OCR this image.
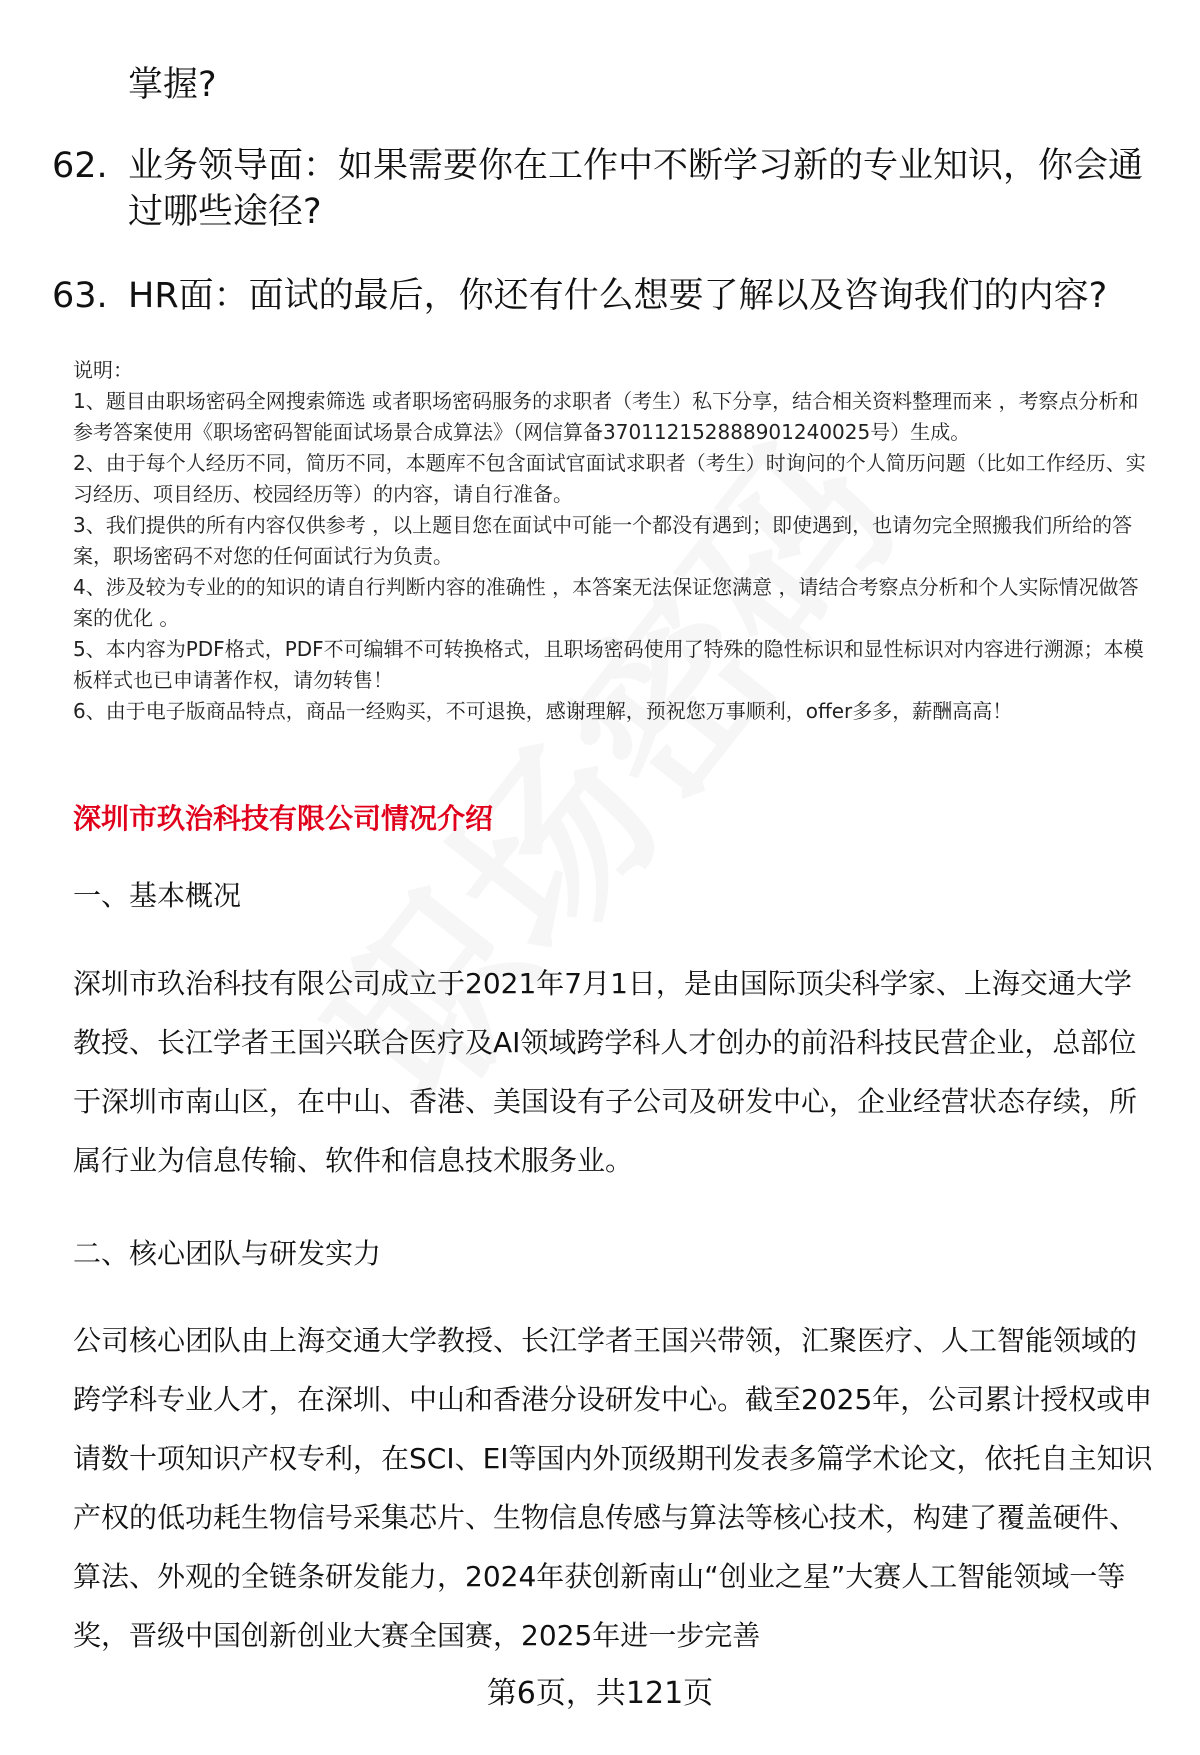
掌握?
62. 业务领导面：如果需要你在工作中不断学习新的专业知识，你会通过哪些途径?
63. HR面：面试的最后，你还有什么想要了解以及咨询我们的内容?
说明：
1、题目由职场密码全网搜索筛选 或者职场密码服务的求职者（考生）私下分享，结合相关资料整理而来 ，考察点分析和参考答案使用《职场密码智能面试场景合成算法》（网信算备370112152888901240025号）生成。
2、由于每个人经历不同，简历不同，本题库不包含面试官面试求职者（考生）时询问的个人简历问题（比如工作经历、实习经历、项目经历、校园经历等）的内容，请自行准备。
3、我们提供的所有内容仅供参考 ，以上题目您在面试中可能一个都没有遇到；即使遇到，也请勿完全照搬我们所给的答案，职场密码不对您的任何面试行为负责。
4、涉及较为专业的的知识的请自行判断内容的准确性 ，本答案无法保证您满意 ，请结合考察点分析和个人实际情况做答案的优化 。
5、本内容为PDF格式，PDF不可编辑不可转换格式，且职场密码使用了特殊的隐性标识和显性标识对内容进行溯源；本模板样式也已申请著作权，请勿转售！
6、由于电子版商品特点，商品一经购买，不可退换，感谢理解，预祝您万事顺利，offer多多，薪酬高高！
深圳市玖治科技有限公司情况介绍
一、基本概况
深圳市玖治科技有限公司成立于2021年7月1日，是由国际顶尖科学家、上海交通大学教授、长江学者王国兴联合医疗及AI领域跨学科人才创办的前沿科技民营企业，总部位于深圳市南山区，在中山、香港、美国设有子公司及研发中心，企业经营状态存续，所属行业为信息传输、软件和信息技术服务业。
二、核心团队与研发实力
公司核心团队由上海交通大学教授、长江学者王国兴带领，汇聚医疗、人工智能领域的跨学科专业人才，在深圳、中山和香港分设研发中心。截至2025年，公司累计授权或申请数十项知识产权专利，在SCI、EI等国内外顶级期刊发表多篇学术论文，依托自主知识产权的低功耗生物信号采集芯片、生物信息传感与算法等核心技术，构建了覆盖硬件、算法、外观的全链条研发能力，2024年获创新南山“创业之星”大赛人工智能领域一等奖，晋级中国创新创业大赛全国赛，2025年进一步完善
第6页，共121页
